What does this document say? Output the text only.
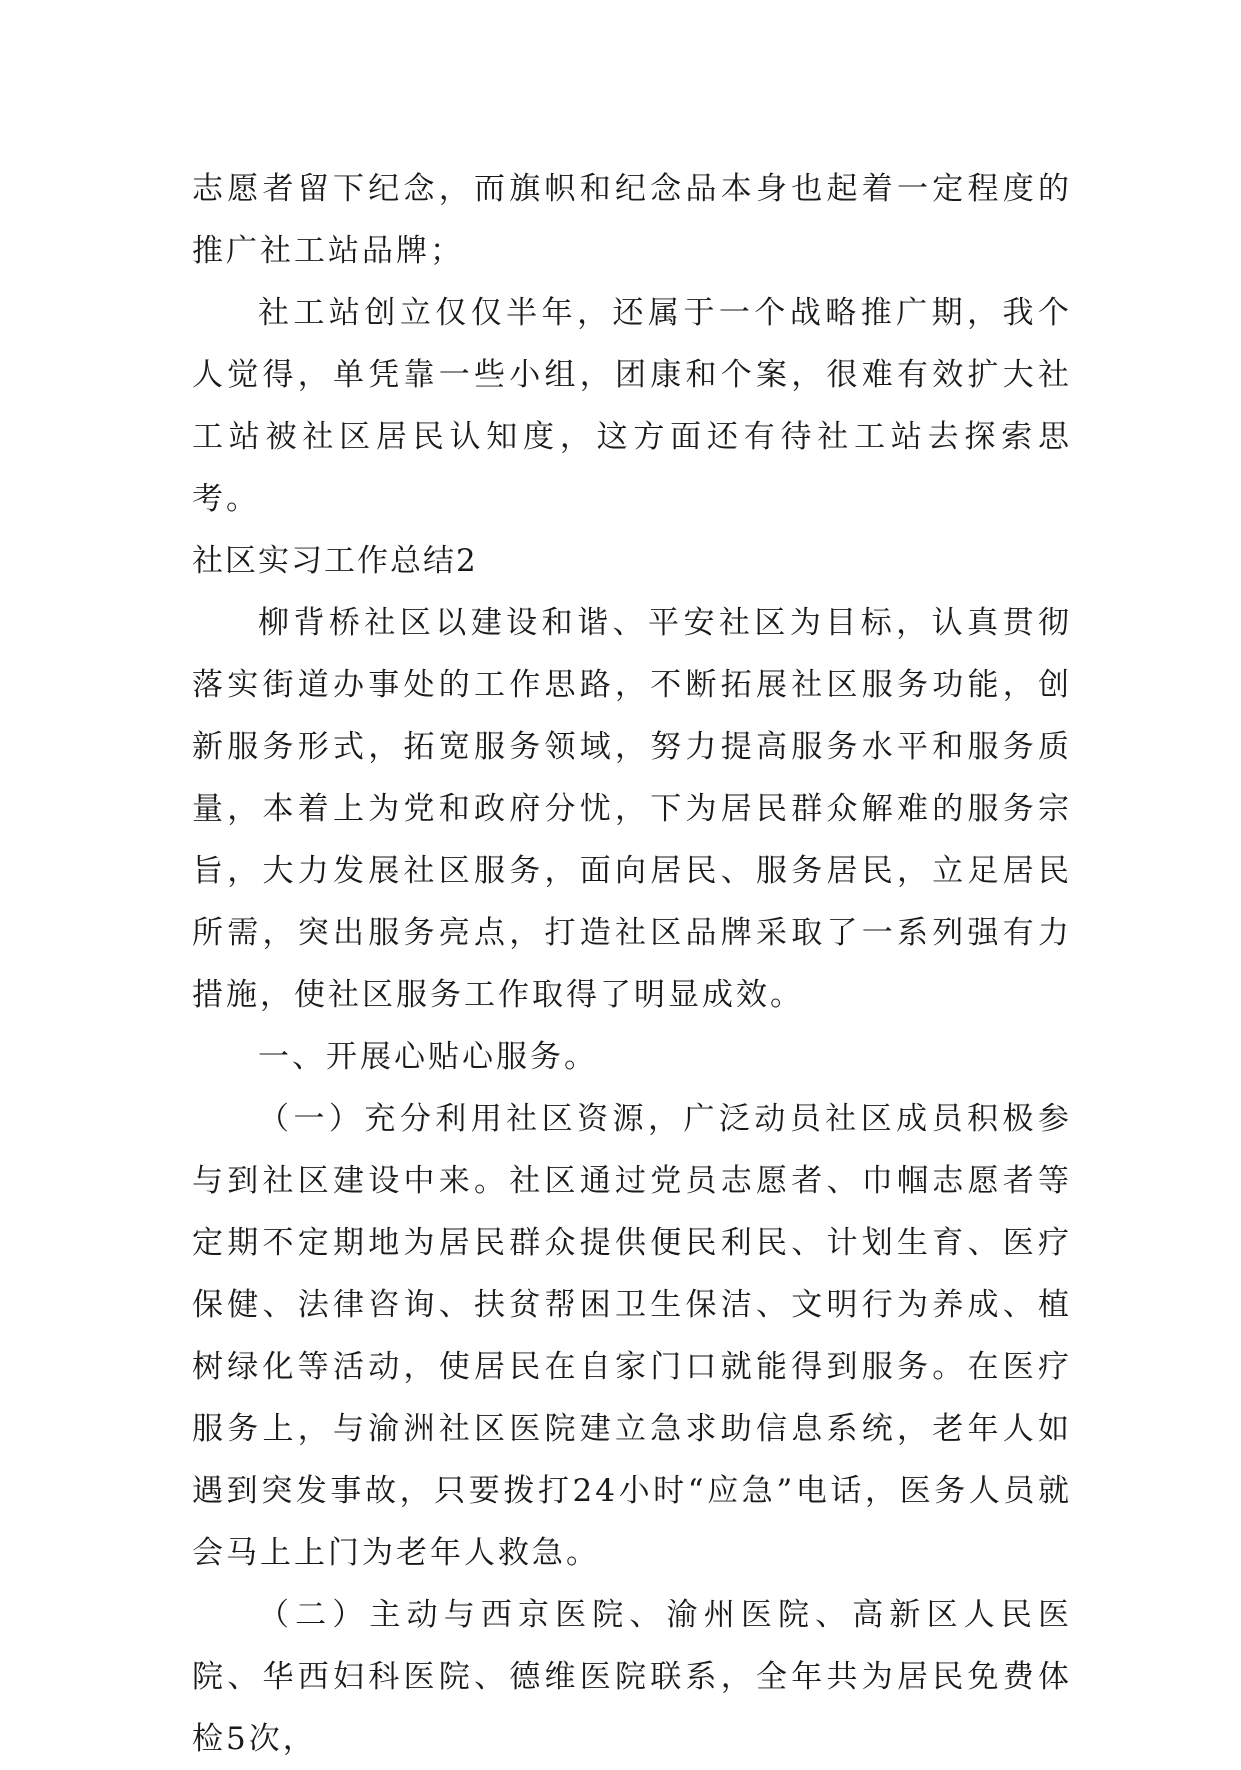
志愿者留下纪念，而旗帜和纪念品本身也起着一定程度的推广社工站品牌；

社工站创立仅仅半年，还属于一个战略推广期，我个人觉得，单凭靠一些小组，团康和个案，很难有效扩大社工站被社区居民认知度，这方面还有待社工站去探索思考。

社区实习工作总结2

柳背桥社区以建设和谐、平安社区为目标，认真贯彻落实街道办事处的工作思路，不断拓展社区服务功能，创新服务形式，拓宽服务领域，努力提高服务水平和服务质量，本着上为党和政府分忧，下为居民群众解难的服务宗旨，大力发展社区服务，面向居民、服务居民，立足居民所需，突出服务亮点，打造社区品牌采取了一系列强有力措施，使社区服务工作取得了明显成效。

一、开展心贴心服务。

（一）充分利用社区资源，广泛动员社区成员积极参与到社区建设中来。社区通过党员志愿者、巾帼志愿者等定期不定期地为居民群众提供便民利民、计划生育、医疗保健、法律咨询、扶贫帮困卫生保洁、文明行为养成、植树绿化等活动，使居民在自家门口就能得到服务。在医疗服务上，与渝洲社区医院建立急求助信息系统，老年人如遇到突发事故，只要拨打24小时“应急”电话，医务人员就会马上上门为老年人救急。

（二）主动与西京医院、渝州医院、高新区人民医院、华西妇科医院、德维医院联系，全年共为居民免费体检5次，
